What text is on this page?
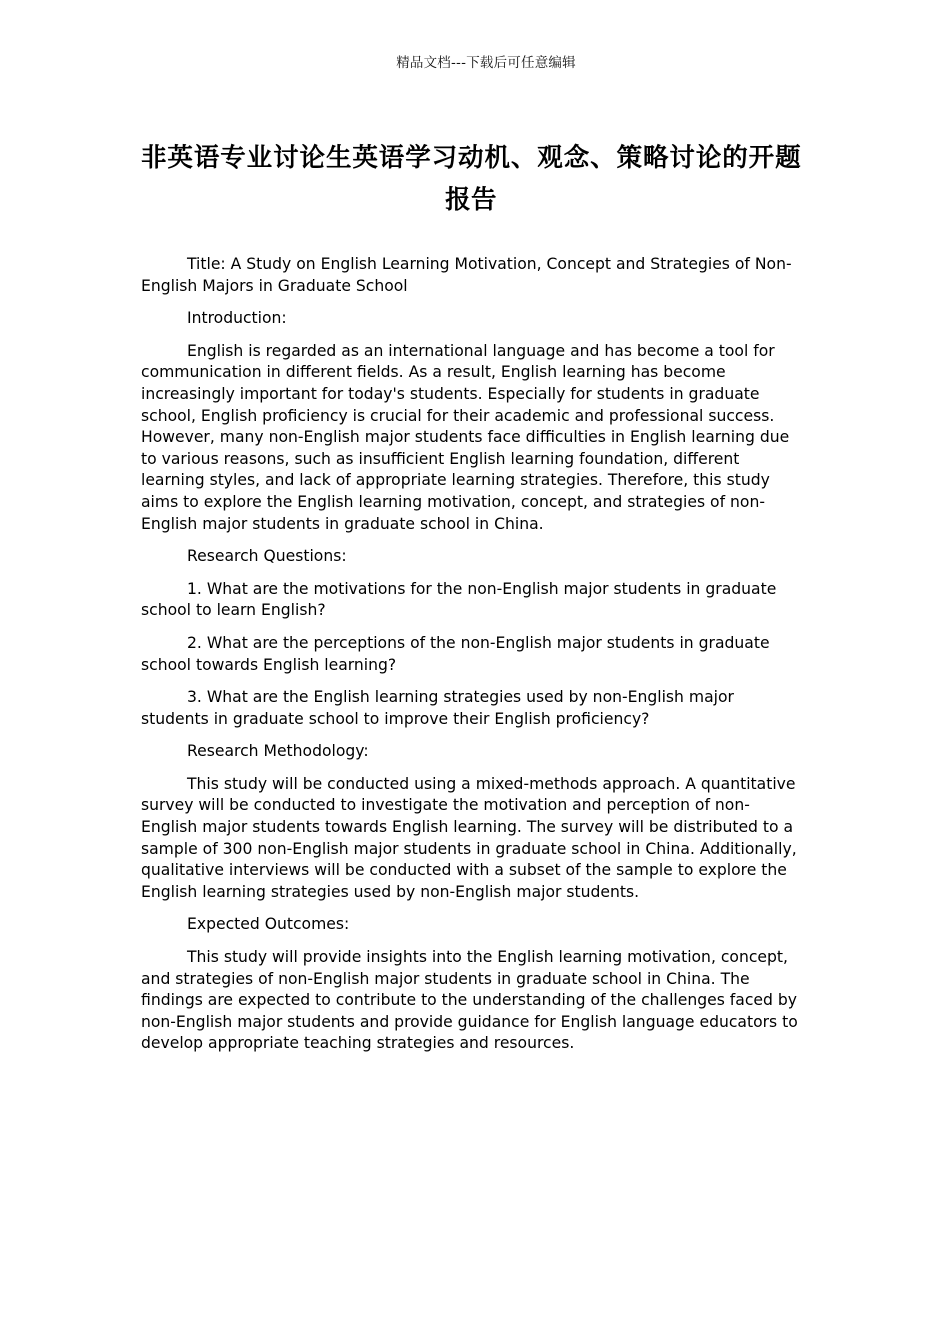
精品文档---下载后可任意编辑
非英语专业讨论生英语学习动机、观念、策略讨论的开题
报告

Title: A Study on English Learning Motivation, Concept and Strategies of Non-English Majors in Graduate School

Introduction:

English is regarded as an international language and has become a tool for communication in different fields. As a result, English learning has become increasingly important for today's students. Especially for students in graduate school, English proficiency is crucial for their academic and professional success. However, many non-English major students face difficulties in English learning due to various reasons, such as insufficient English learning foundation, different learning styles, and lack of appropriate learning strategies. Therefore, this study aims to explore the English learning motivation, concept, and strategies of non-English major students in graduate school in China.

Research Questions:

1. What are the motivations for the non-English major students in graduate school to learn English?

2. What are the perceptions of the non-English major students in graduate school towards English learning?

3. What are the English learning strategies used by non-English major students in graduate school to improve their English proficiency?

Research Methodology:

This study will be conducted using a mixed-methods approach. A quantitative survey will be conducted to investigate the motivation and perception of non-English major students towards English learning. The survey will be distributed to a sample of 300 non-English major students in graduate school in China. Additionally, qualitative interviews will be conducted with a subset of the sample to explore the English learning strategies used by non-English major students.

Expected Outcomes:

This study will provide insights into the English learning motivation, concept, and strategies of non-English major students in graduate school in China. The findings are expected to contribute to the understanding of the challenges faced by non-English major students and provide guidance for English language educators to develop appropriate teaching strategies and resources.
